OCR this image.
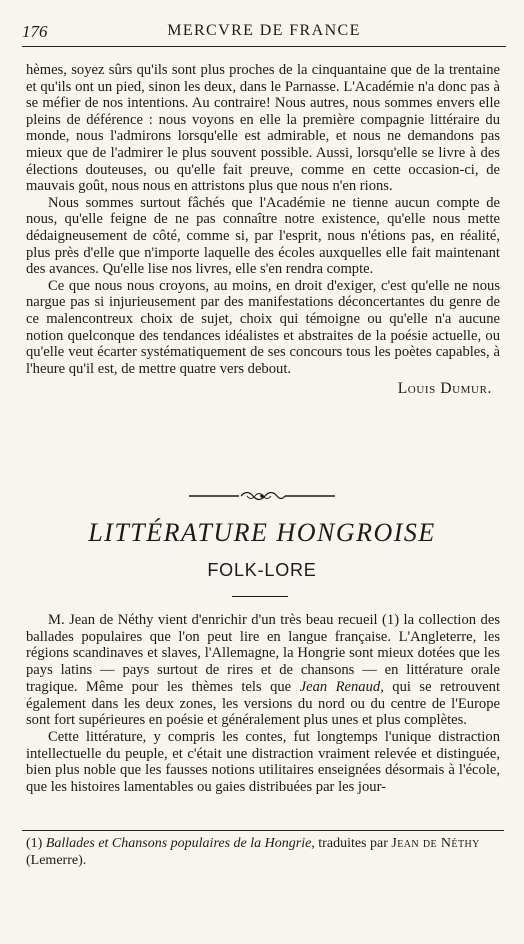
176	MERCVRE DE FRANCE

hèmes, soyez sûrs qu'ils sont plus proches de la cinquantaine que de la trentaine et qu'ils ont un pied, sinon les deux, dans le Parnasse. L'Académie n'a donc pas à se méfier de nos intentions. Au contraire! Nous autres, nous sommes envers elle pleins de déférence : nous voyons en elle la première compagnie littéraire du monde, nous l'admirons lorsqu'elle est admirable, et nous ne demandons pas mieux que de l'admirer le plus souvent possible. Aussi, lorsqu'elle se livre à des élections douteuses, ou qu'elle fait preuve, comme en cette occasion-ci, de mauvais goût, nous nous en attristons plus que nous n'en rions.

Nous sommes surtout fâchés que l'Académie ne tienne aucun compte de nous, qu'elle feigne de ne pas connaître notre existence, qu'elle nous mette dédaigneusement de côté, comme si, par l'esprit, nous n'étions pas, en réalité, plus près d'elle que n'importe laquelle des écoles auxquelles elle fait maintenant des avances. Qu'elle lise nos livres, elle s'en rendra compte.

Ce que nous nous croyons, au moins, en droit d'exiger, c'est qu'elle ne nous nargue pas si injurieusement par des manifestations déconcertantes du genre de ce malencontreux choix de sujet, choix qui témoigne ou qu'elle n'a aucune notion quelconque des tendances idéalistes et abstraites de la poésie actuelle, ou qu'elle veut écarter systématiquement de ses concours tous les poètes capables, à l'heure qu'il est, de mettre quatre vers debout.

Louis Dumur.
LITTÉRATURE HONGROISE
FOLK-LORE

M. Jean de Néthy vient d'enrichir d'un très beau recueil (1) la collection des ballades populaires que l'on peut lire en langue française. L'Angleterre, les régions scandinaves et slaves, l'Allemagne, la Hongrie sont mieux dotées que les pays latins — pays surtout de rires et de chansons — en littérature orale tragique. Même pour les thèmes tels que Jean Renaud, qui se retrouvent également dans les deux zones, les versions du nord ou du centre de l'Europe sont fort supérieures en poésie et généralement plus unes et plus complètes.

Cette littérature, y compris les contes, fut longtemps l'unique distraction intellectuelle du peuple, et c'était une distraction vraiment relevée et distinguée, bien plus noble que les fausses notions utilitaires enseignées désormais à l'école, que les histoires lamentables ou gaies distribuées par les jour-

(1) Ballades et Chansons populaires de la Hongrie, traduites par Jean de Néthy (Lemerre).
